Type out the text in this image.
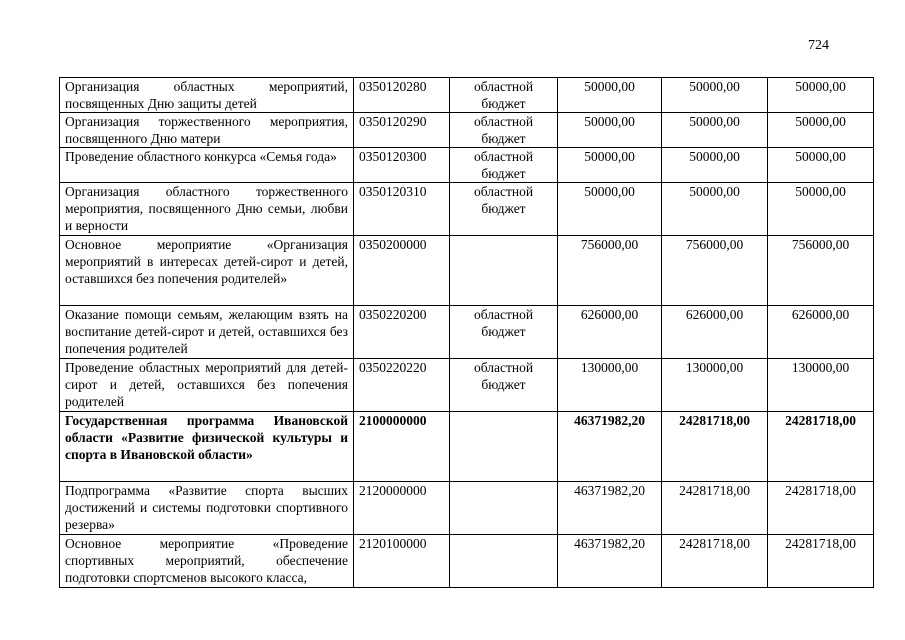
724
Организация областных мероприятий, посвященных Дню защиты детей	0350120280	областной бюджет	50000,00	50000,00	50000,00
Организация торжественного мероприятия, посвященного Дню матери	0350120290	областной бюджет	50000,00	50000,00	50000,00
Проведение областного конкурса «Семья года»	0350120300	областной бюджет	50000,00	50000,00	50000,00
Организация областного торжественного мероприятия, посвященного Дню семьи, любви и верности	0350120310	областной бюджет	50000,00	50000,00	50000,00
Основное мероприятие «Организация мероприятий в интересах детей-сирот и детей, оставшихся без попечения родителей»	0350200000		756000,00	756000,00	756000,00
Оказание помощи семьям, желающим взять на воспитание детей-сирот и детей, оставшихся без попечения родителей	0350220200	областной бюджет	626000,00	626000,00	626000,00
Проведение областных мероприятий для детей-сирот и детей, оставшихся без попечения родителей	0350220220	областной бюджет	130000,00	130000,00	130000,00
Государственная программа Ивановской области «Развитие физической культуры и спорта в Ивановской области»	2100000000		46371982,20	24281718,00	24281718,00
Подпрограмма «Развитие спорта высших достижений и системы подготовки спортивного резерва»	2120000000		46371982,20	24281718,00	24281718,00
Основное мероприятие «Проведение спортивных мероприятий, обеспечение подготовки спортсменов высокого класса,	2120100000		46371982,20	24281718,00	24281718,00
